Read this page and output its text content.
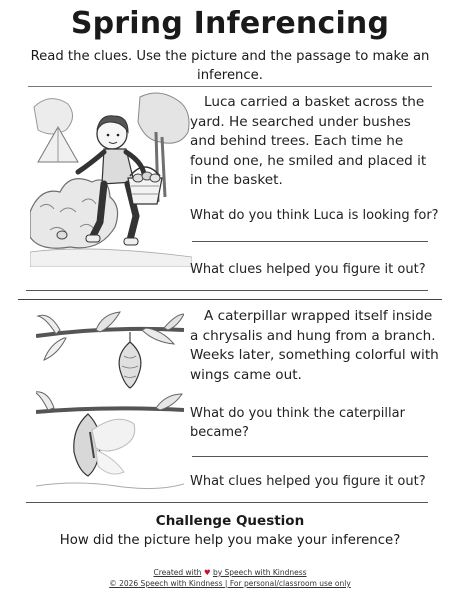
Spring Inferencing
Read the clues. Use the picture and the passage to make an inference.
Luca carried a basket across the yard. He searched under bushes and behind trees. Each time he found one, he smiled and placed it in the basket.
What do you think Luca is looking for?
What clues helped you figure it out?
A caterpillar wrapped itself inside a chrysalis and hung from a branch. Weeks later, something colorful with wings came out.
What do you think the caterpillar became?
What clues helped you figure it out?
Challenge Question
How did the picture help you make your inference?
Created with ♥ by Speech with Kindness
© 2026 Speech with Kindness | For personal/classroom use only
